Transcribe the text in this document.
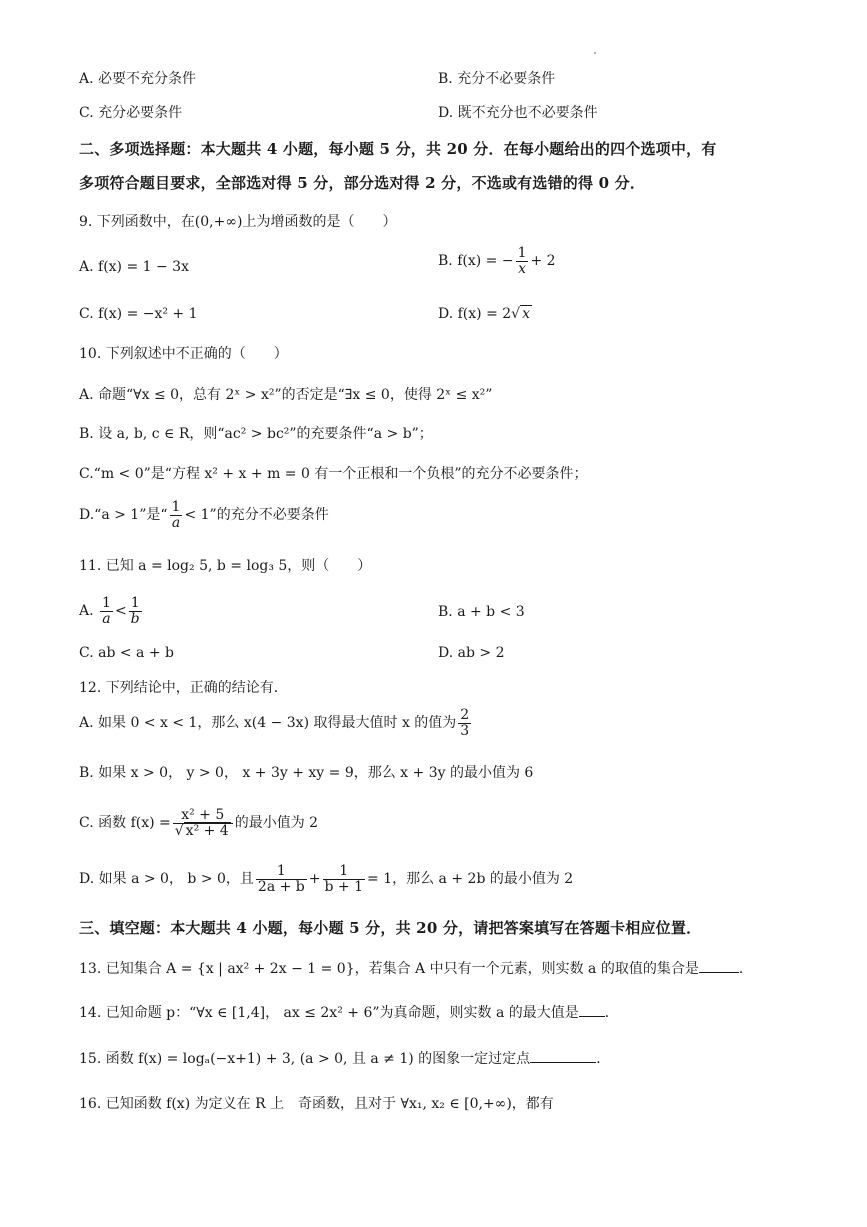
A. 必要不充分条件	B. 充分不必要条件
C. 充分必要条件	D. 既不充分也不必要条件
二、多项选择题：本大题共 4 小题，每小题 5 分，共 20 分．在每小题给出的四个选项中，有
多项符合题目要求，全部选对得 5 分，部分选对得 2 分，不选或有选错的得 0 分．
9. 下列函数中，在(0,+∞)上为增函数的是（　　）
A. f(x) = 1 − 3x	B. f(x) = − $\frac{1}{x} + 2$
C. f(x) = −x² + 1	D. f(x) = 2√ x
10. 下列叙述中不正确的（　　）
A. 命题“∀x ≤ 0，总有 2ˣ > x²”的否定是“∃x ≤ 0，使得 2ˣ ≤ x²”
B. 设 a, b, c ∈ R，则“ac² > bc²”的充要条件“a > b”；
C.“m < 0”是“方程 x² + x + m = 0 有一个正根和一个负根”的充分不必要条件；
D.“a > 1”是“ $\frac{1}{a} < 1$”的充分不必要条件
11. 已知 a = log₂ 5, b = log₃ 5，则（　　）
A. $\frac{1}{a} < \frac{1}{b}$	B. a + b < 3
C. ab < a + b	D. ab > 2
12. 下列结论中，正确的结论有．
A. 如果 0 < x < 1，那么 x(4 − 3x) 取得最大值时 x 的值为 $\frac{2}{3}$
B. 如果 x > 0， y > 0， x + 3y + xy = 9，那么 x + 3y 的最小值为 6
C. 函数 $f(x) = \frac{\text{x² + 5}}{\text{√ x² + 4}}$ 的最小值为 2
D. 如果 a > 0， b > 0，且 $\frac{1}{2a + b} + \frac{1}{b + 1} = 1$，那么 a + 2b 的最小值为 2
三、填空题：本大题共 4 小题，每小题 5 分，共 20 分，请把答案填写在答题卡相应位置．
13. 已知集合 A = {x | ax² + 2x − 1 = 0}，若集合 A 中只有一个元素，则实数 a 的取值的集合是	．
14. 已知命题 p：“∀x ∈ [1,4]， ax ≤ 2x² + 6”为真命题，则实数 a 的最大值是 ．
15. 函数 f(x) = logₐ(−x+1) + 3, (a > 0, 且 a ≠ 1) 的图象一定过定点	．
16. 已知函数 f(x) 为定义在 R 上　奇函数，且对于 ∀x₁, x₂ ∈ [0,+∞)，都有
